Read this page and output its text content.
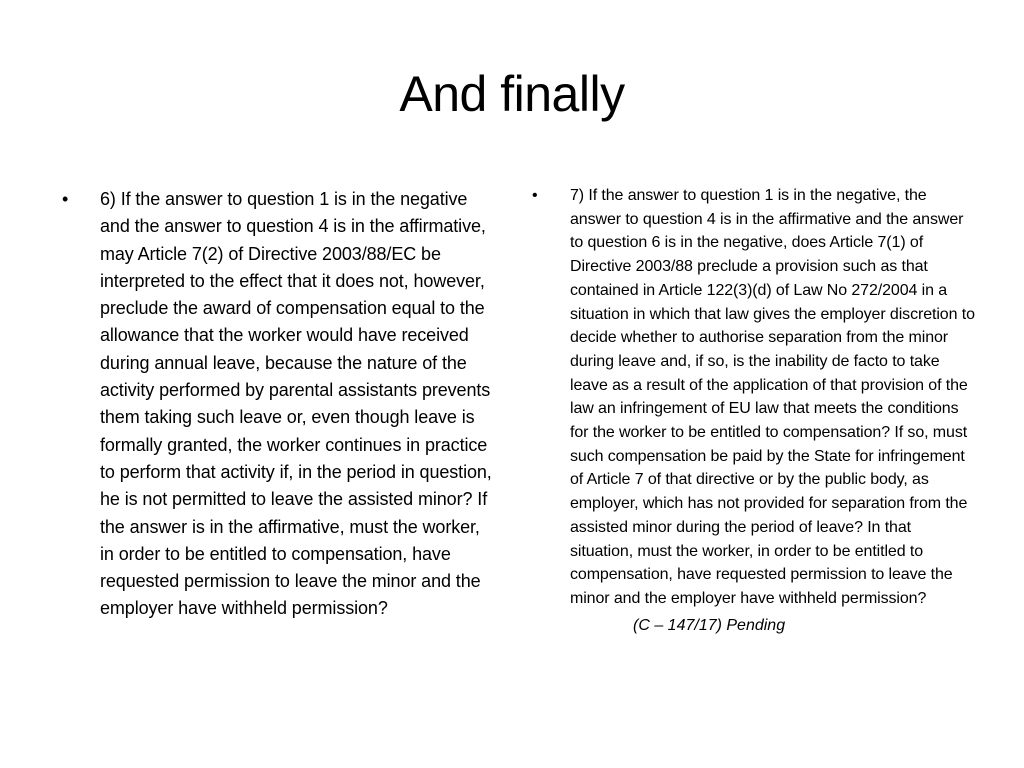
And finally
•	6) If the answer to question 1 is in the negative and the answer to question 4 is in the affirmative, may Article 7(2) of Directive 2003/88/EC be interpreted to the effect that it does not, however, preclude the award of compensation equal to the allowance that the worker would have received during annual leave, because the nature of the activity performed by parental assistants prevents them taking such leave or, even though leave is formally granted, the worker continues in practice to perform that activity if, in the period in question, he is not permitted to leave the assisted minor? If the answer is in the affirmative, must the worker, in order to be entitled to compensation, have requested permission to leave the minor and the employer have withheld permission?

•	7) If the answer to question 1 is in the negative, the answer to question 4 is in the affirmative and the answer to question 6 is in the negative, does Article 7(1) of Directive 2003/88 preclude a provision such as that contained in Article 122(3)(d) of Law No 272/2004 in a situation in which that law gives the employer discretion to decide whether to authorise separation from the minor during leave and, if so, is the inability de facto to take leave as a result of the application of that provision of the law an infringement of EU law that meets the conditions for the worker to be entitled to compensation? If so, must such compensation be paid by the State for infringement of Article 7 of that directive or by the public body, as employer, which has not provided for separation from the assisted minor during the period of leave? In that situation, must the worker, in order to be entitled to compensation, have requested permission to leave the minor and the employer have withheld permission?

(C – 147/17) Pending
